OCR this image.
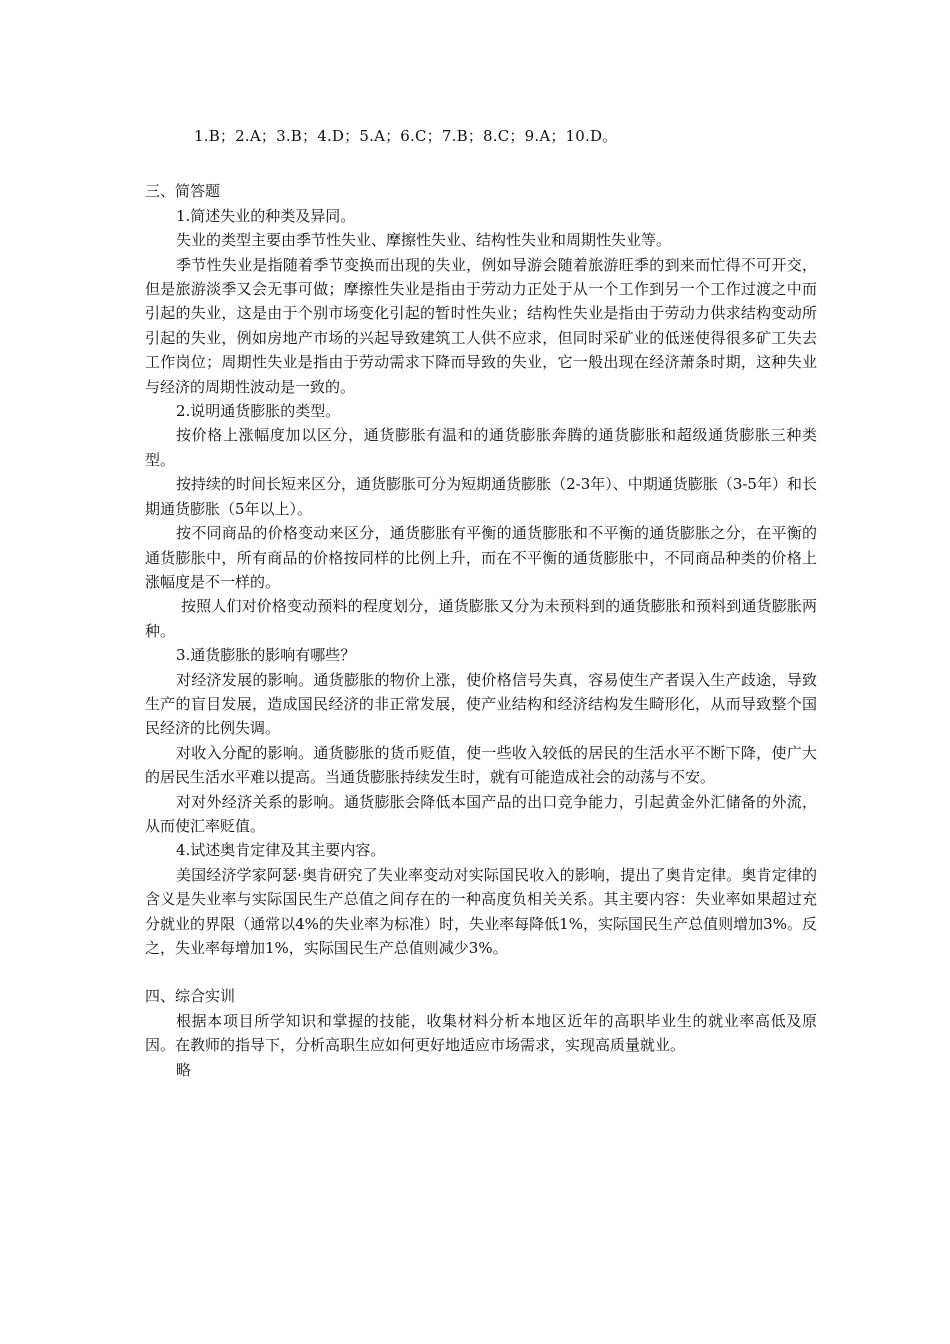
1.B；2.A；3.B；4.D；5.A；6.C；7.B；8.C；9.A；10.D。

三、简答题

1.简述失业的种类及异同。

失业的类型主要由季节性失业、摩擦性失业、结构性失业和周期性失业等。

季节性失业是指随着季节变换而出现的失业，例如导游会随着旅游旺季的到来而忙得不可开交，但是旅游淡季又会无事可做；摩擦性失业是指由于劳动力正处于从一个工作到另一个工作过渡之中而引起的失业，这是由于个别市场变化引起的暂时性失业；结构性失业是指由于劳动力供求结构变动所引起的失业，例如房地产市场的兴起导致建筑工人供不应求，但同时采矿业的低迷使得很多矿工失去工作岗位；周期性失业是指由于劳动需求下降而导致的失业，它一般出现在经济萧条时期，这种失业与经济的周期性波动是一致的。

2.说明通货膨胀的类型。

按价格上涨幅度加以区分，通货膨胀有温和的通货膨胀奔腾的通货膨胀和超级通货膨胀三种类型。

按持续的时间长短来区分，通货膨胀可分为短期通货膨胀（2-3年）、中期通货膨胀（3-5年）和长期通货膨胀（5年以上）。

按不同商品的价格变动来区分，通货膨胀有平衡的通货膨胀和不平衡的通货膨胀之分，在平衡的通货膨胀中，所有商品的价格按同样的比例上升，而在不平衡的通货膨胀中，不同商品种类的价格上涨幅度是不一样的。

按照人们对价格变动预料的程度划分，通货膨胀又分为未预料到的通货膨胀和预料到通货膨胀两种。

3.通货膨胀的影响有哪些？

对经济发展的影响。通货膨胀的物价上涨，使价格信号失真，容易使生产者误入生产歧途，导致生产的盲目发展，造成国民经济的非正常发展，使产业结构和经济结构发生畸形化，从而导致整个国民经济的比例失调。

对收入分配的影响。通货膨胀的货币贬值，使一些收入较低的居民的生活水平不断下降，使广大的居民生活水平难以提高。当通货膨胀持续发生时，就有可能造成社会的动荡与不安。

对对外经济关系的影响。通货膨胀会降低本国产品的出口竞争能力，引起黄金外汇储备的外流，从而使汇率贬值。

4.试述奥肯定律及其主要内容。

美国经济学家阿瑟·奥肯研究了失业率变动对实际国民收入的影响，提出了奥肯定律。奥肯定律的含义是失业率与实际国民生产总值之间存在的一种高度负相关关系。其主要内容：失业率如果超过充分就业的界限（通常以4%的失业率为标准）时，失业率每降低1%，实际国民生产总值则增加3%。反之，失业率每增加1%，实际国民生产总值则减少3%。

四、综合实训

根据本项目所学知识和掌握的技能，收集材料分析本地区近年的高职毕业生的就业率高低及原因。在教师的指导下，分析高职生应如何更好地适应市场需求，实现高质量就业。

略
